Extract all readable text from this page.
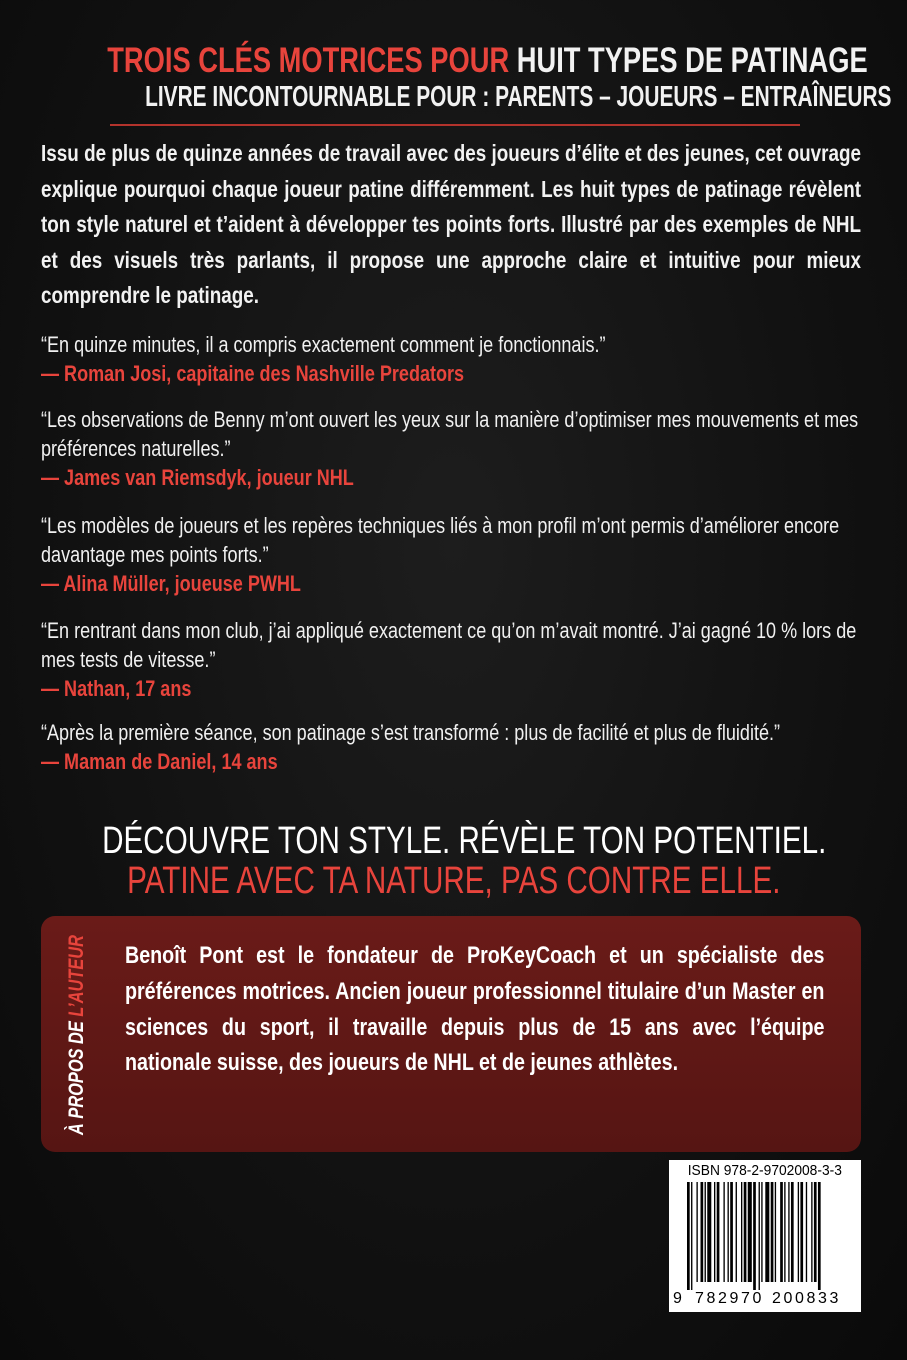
TROIS CLÉS MOTRICES POUR HUIT TYPES DE PATINAGE
LIVRE INCONTOURNABLE POUR : PARENTS – JOUEURS – ENTRAÎNEURS
Issu de plus de quinze années de travail avec des joueurs d’élite et des jeunes, cet ouvrage explique pourquoi chaque joueur patine différemment. Les huit types de patinage révèlent ton style naturel et t’aident à développer tes points forts. Illustré par des exemples de NHL et des visuels très parlants, il propose une approche claire et intuitive pour mieux comprendre le patinage.
“En quinze minutes, il a compris exactement comment je fonctionnais.”
— Roman Josi, capitaine des Nashville Predators
“Les observations de Benny m’ont ouvert les yeux sur la manière d’optimiser mes mouvements et mes préférences naturelles.”
— James van Riemsdyk, joueur NHL
“Les modèles de joueurs et les repères techniques liés à mon profil m’ont permis d’améliorer encore davantage mes points forts.”
— Alina Müller, joueuse PWHL
“En rentrant dans mon club, j’ai appliqué exactement ce qu’on m’avait montré. J’ai gagné 10 % lors de mes tests de vitesse.”
— Nathan, 17 ans
“Après la première séance, son patinage s’est transformé : plus de facilité et plus de fluidité.”
— Maman de Daniel, 14 ans
DÉCOUVRE TON STYLE. RÉVÈLE TON POTENTIEL.
PATINE AVEC TA NATURE, PAS CONTRE ELLE.
À PROPOS DE L’AUTEUR Benoît Pont est le fondateur de ProKeyCoach et un spécialiste des préférences motrices. Ancien joueur professionnel titulaire d’un Master en sciences du sport, il travaille depuis plus de 15 ans avec l’équipe nationale suisse, des joueurs de NHL et de jeunes athlètes.
ISBN 978-2-9702008-3-3
9 782970 200833
